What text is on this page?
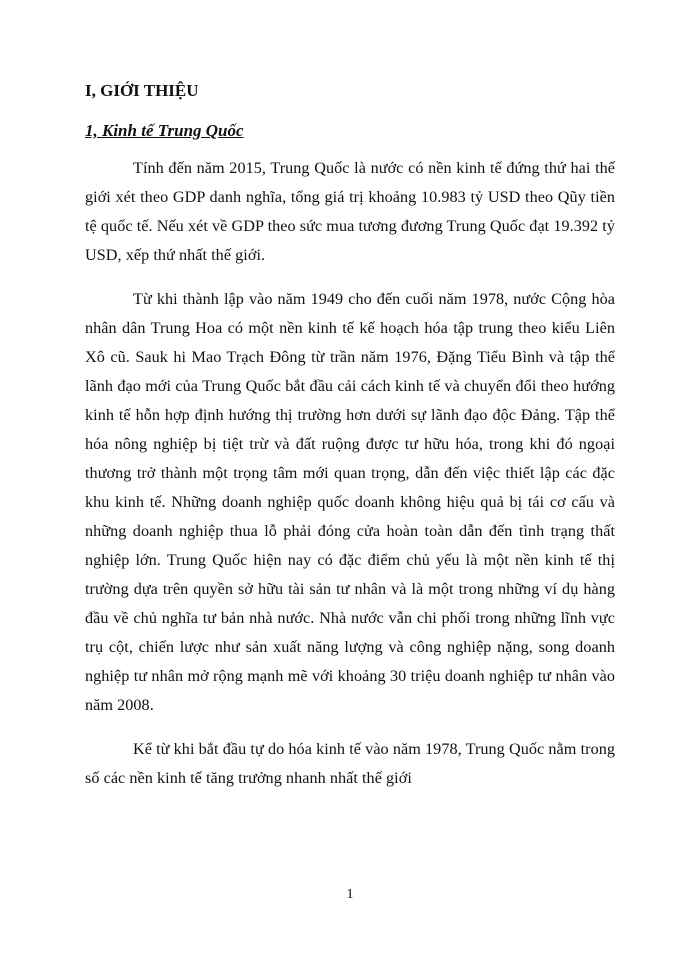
I, GIỚI THIỆU
1, Kinh tế Trung Quốc

Tính đến năm 2015, Trung Quốc là nước có nền kinh tế đứng thứ hai thế giới xét theo GDP danh nghĩa, tổng giá trị khoảng 10.983 tỷ USD theo Qũy tiền tệ quốc tế. Nếu xét về GDP theo sức mua tương đương Trung Quốc đạt 19.392 tỷ USD, xếp thứ nhất thế giới.

Từ khi thành lập vào năm 1949 cho đến cuối năm 1978, nước Cộng hòa nhân dân Trung Hoa có một nền kinh tế kế hoạch hóa tập trung theo kiểu Liên Xô cũ. Sauk hi Mao Trạch Đông từ trần năm 1976, Đặng Tiểu Bình và tập thể lãnh đạo mới của Trung Quốc bắt đầu cải cách kinh tế và chuyển đổi theo hướng kinh tế hỗn hợp định hướng thị trường hơn dưới sự lãnh đạo độc Đảng. Tập thể hóa nông nghiệp bị tiệt trừ và đất ruộng được tư hữu hóa, trong khi đó ngoại thương trở thành một trọng tâm mới quan trọng, dẫn đến việc thiết lập các đặc khu kinh tế. Những doanh nghiệp quốc doanh không hiệu quả bị tái cơ cấu và những doanh nghiệp thua lỗ phải đóng cửa hoàn toàn dẫn đến tình trạng thất nghiệp lớn. Trung Quốc hiện nay có đặc điểm chủ yếu là một nền kinh tế thị trường dựa trên quyền sở hữu tài sản tư nhân và là một trong những ví dụ hàng đầu về chủ nghĩa tư bản nhà nước. Nhà nước vẫn chi phối trong những lĩnh vực trụ cột, chiến lược như sản xuất năng lượng và công nghiệp nặng, song doanh nghiệp tư nhân mở rộng mạnh mẽ với khoảng 30 triệu doanh nghiệp tư nhân vào năm 2008.

Kể từ khi bắt đầu tự do hóa kinh tế vào năm 1978, Trung Quốc nằm trong số các nền kinh tế tăng trưởng nhanh nhất thế giới

1
